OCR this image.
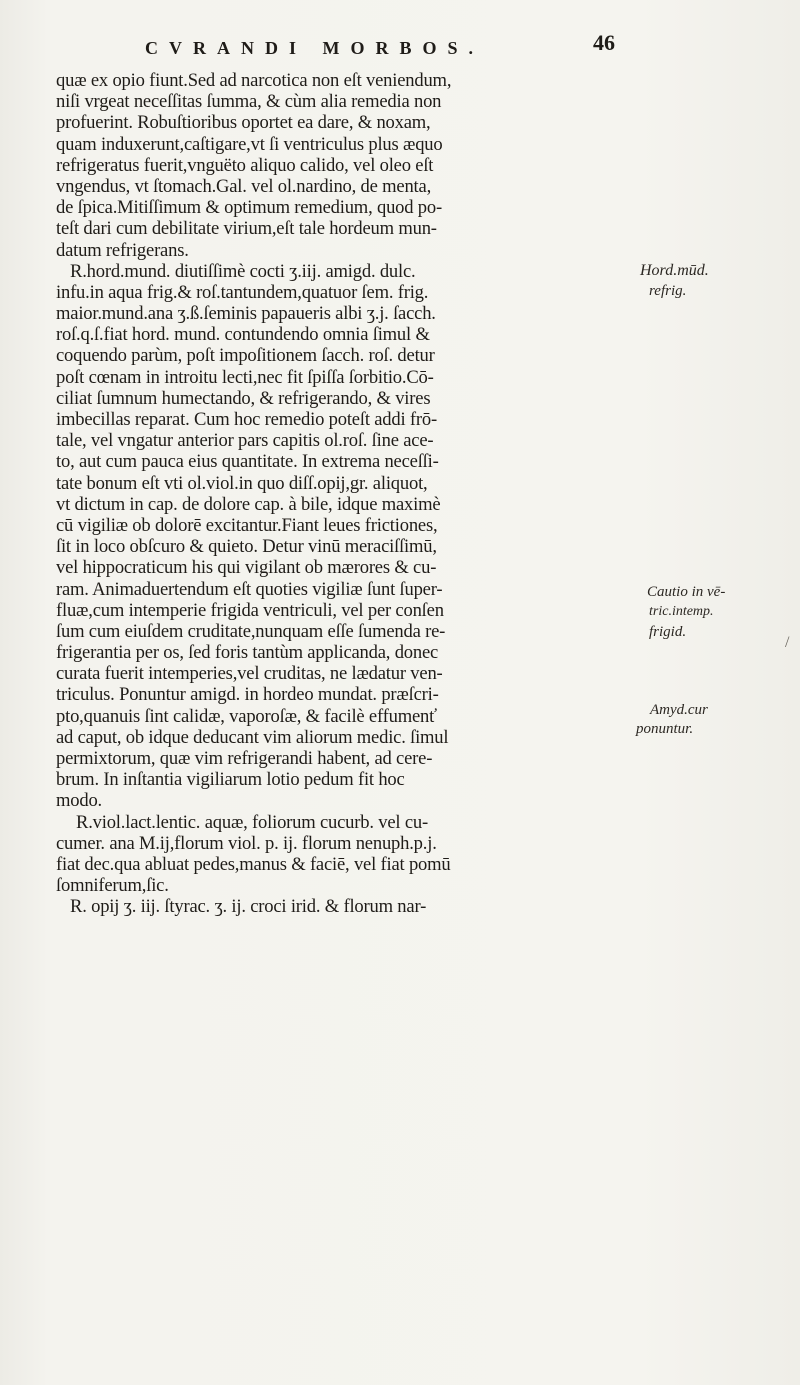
CVRANDI MORBOS.	46
quæ ex opio fiunt.Sed ad narcotica non eſt veniendum,
niſi vrgeat neceſſitas ſumma, & cùm alia remedia non
profuerint. Robuſtioribus oportet ea dare, & noxam,
quam induxerunt,caſtigare,vt ſi ventriculus plus æquo
refrigeratus fuerit,vnguëto aliquo calido, vel oleo eſt
vngendus, vt ſtomach.Gal. vel ol.nardino, de menta,
de ſpica.Mitiſſimum & optimum remedium, quod po-
teſt dari cum debilitate virium,eſt tale hordeum mun-
datum refrigerans.
R.hord.mund. diutiſſimè cocti ʒ.iij. amigd. dulc.
infu.in aqua frig.& roſ.tantundem,quatuor ſem. frig.
maior.mund.ana ʒ.ß.ſeminis papaueris albi ʒ.j. ſacch.
roſ.q.ſ.fiat hord. mund. contundendo omnia ſimul &
coquendo parùm, poſt impoſitionem ſacch. roſ. detur
poſt cœnam in introitu lecti,nec fit ſpiſſa ſorbitio.Cō-
ciliat ſumnum humectando, & refrigerando, & vires
imbecillas reparat. Cum hoc remedio poteſt addi frō-
tale, vel vngatur anterior pars capitis ol.roſ. ſine ace-
to, aut cum pauca eius quantitate. In extrema neceſſi-
tate bonum eſt vti ol.viol.in quo diſſ.opij,gr. aliquot,
vt dictum in cap. de dolore cap. à bile, idque maximè
cū vigiliæ ob dolorē excitantur.Fiant leues frictiones,
ſit in loco obſcuro & quieto. Detur vinū meraciſſimū,
vel hippocraticum his qui vigilant ob mærores & cu-
ram. Animaduertendum eſt quoties vigiliæ ſunt ſuper-
fluæ,cum intemperie frigida ventriculi, vel per conſen
ſum cum eiuſdem cruditate,nunquam eſſe ſumenda re-
frigerantia per os, ſed foris tantùm applicanda, donec
curata fuerit intemperies,vel cruditas, ne lædatur ven-
triculus. Ponuntur amigd. in hordeo mundat. præſcri-
pto,quanuis ſint calidæ, vaporoſæ, & facilè effumenť
ad caput, ob idque deducant vim aliorum medic. ſimul
permixtorum, quæ vim refrigerandi habent, ad cere-
brum. In inſtantia vigiliarum lotio pedum fit hoc
modo.
R.viol.lact.lentic. aquæ, foliorum cucurb. vel cu-
cumer. ana M.ij,florum viol. p. ij. florum nenuph.p.j.
fiat dec.qua abluat pedes,manus & faciē, vel fiat pomū
ſomniferum,ſic.
R. opij ʒ. iij. ſtyrac. ʒ. ij. croci irid. & florum nar-
Hord.mūd.
refrig.
Cautio in vē-
tric.intemp.
frigid.
Amyd.cur
ponuntur.
/
